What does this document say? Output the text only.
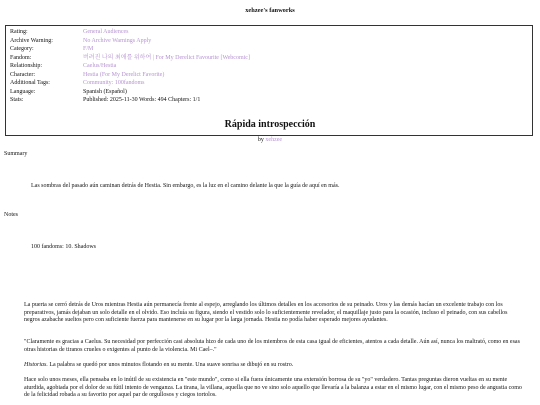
xehzee's fanworks
Rating:	General Audiences
Archive Warning:	No Archive Warnings Apply
Category:	F/M
Fandom:	버려진 나의 최애를 위하여 | For My Derelict Favourite [Webcomic]
Relationship:	Caelus/Hestia
Character:	Hestia (For My Derelict Favorite)
Additional Tags:	Community: 100fandoms
Language:	Spanish (Español)
Stats:	Published: 2025-11-30 Words: 494 Chapters: 1/1
Rápida introspección
by xehzee
Summary
Las sombras del pasado aún caminan detrás de Hestia. Sin embargo, es la luz en el camino delante la que la guía de aquí en más.
Notes
100 fandoms: 10. Shadows
La puerta se cerró detrás de Uros mientras Hestia aún permanecía frente al espejo, arreglando los últimos detalles en los accesorios de su peinado. Uros y las demás hacían un excelente trabajo con los preparativos, jamás dejaban un solo detalle en el olvido. Eso incluía su figura, siendo el vestido solo lo suficientemente revelador, el maquillaje justo para la ocasión, incluso el peinado, con sus cabellos negros azabache sueltos pero con suficiente fuerza para mantenerse en su lugar por la larga jornada. Hestia no podía haber esperado mejores ayudantes.
"Claramente es gracias a Caelus. Su necesidad por perfección casi absoluta hizo de cada uno de los miembros de esta casa igual de eficientes, atentos a cada detalle. Aún así, nunca los maltrató, como en esas otras historias de tiranos crueles o exigentes al punto de la violencia. Mi Cael–."
Historias. La palabra se quedó por unos minutos flotando en su mente. Una suave sonrisa se dibujó en su rostro.
Hace solo unos meses, ella pensaba en lo inútil de su existencia en "este mundo", como si ella fuera únicamente una extensión borrosa de su "yo" verdadero. Tantas preguntas dieron vueltas en su mente aturdida, agobiada por el dolor de su fútil intento de venganza. La tirana, la villana, aquella que no ve sino solo aquello que llevaría a la balanza a estar en el mismo lugar, con el mismo peso de angustia como de la felicidad robada a su favorito por aquel par de orgullosos y ciegos tortolos.
